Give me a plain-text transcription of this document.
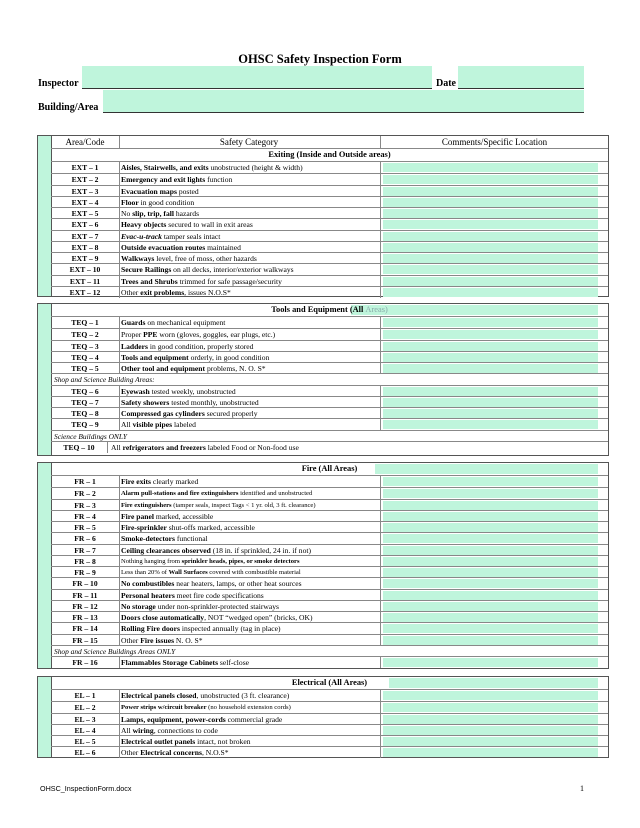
OHSC Safety Inspection Form
Inspector	Date
Building/Area
Area/Code	Safety Category	Comments/Specific Location
Exiting (Inside and Outside areas)
EXT – 1	Aisles, Stairwells, and exits unobstructed (height & width)
EXT – 2	Emergency and exit lights function
EXT – 3	Evacuation maps posted
EXT – 4	Floor in good condition
EXT – 5	No slip, trip, fall hazards
EXT – 6	Heavy objects secured to wall in exit areas
EXT – 7	Evac-u-track tamper seals intact
EXT – 8	Outside evacuation routes maintained
EXT – 9	Walkways level, free of moss, other hazards
EXT – 10	Secure Railings on all decks, interior/exterior walkways
EXT – 11	Trees and Shrubs trimmed for safe passage/security
EXT – 12	Other exit problems, issues N.O.S*
Tools and Equipment (All Areas)
TEQ – 1	Guards on mechanical equipment
TEQ – 2	Proper PPE worn (gloves, goggles, ear plugs, etc.)
TEQ – 3	Ladders in good condition, properly stored
TEQ – 4	Tools and equipment orderly, in good condition
TEQ – 5	Other tool and equipment problems, N. O. S*
Shop and Science Building Areas:
TEQ – 6	Eyewash tested weekly, unobstructed
TEQ – 7	Safety showers tested monthly, unobstructed
TEQ – 8	Compressed gas cylinders secured properly
TEQ – 9	All visible pipes labeled
Science Buildings ONLY
TEQ – 10	All refrigerators and freezers labeled Food or Non-food use
Fire (All Areas)
FR – 1	Fire exits clearly marked
FR – 2	Alarm pull-stations and fire extinguishers identified and unobstructed
FR – 3	Fire extinguishers (tamper seals, inspect Tags < 1 yr. old, 3 ft. clearance)
FR – 4	Fire panel marked, accessible
FR – 5	Fire-sprinkler shut-offs marked, accessible
FR – 6	Smoke-detectors functional
FR – 7	Ceiling clearances observed (18 in. if sprinkled, 24 in. if not)
FR – 8	Nothing hanging from sprinkler heads, pipes, or smoke detectors
FR – 9	Less than 20% of Wall Surfaces covered with combustible material
FR – 10	No combustibles near heaters, lamps, or other heat sources
FR – 11	Personal heaters meet fire code specifications
FR – 12	No storage under non-sprinkler-protected stairways
FR – 13	Doors close automatically, NOT “wedged open” (bricks, OK)
FR – 14	Rolling Fire doors inspected annually (tag in place)
FR – 15	Other Fire issues N. O. S*
Shop and Science Buildings Areas ONLY
FR – 16	Flammables Storage Cabinets self-close
Electrical (All Areas)
EL – 1	Electrical panels closed, unobstructed (3 ft. clearance)
EL – 2	Power strips w/circuit breaker (no household extension cords)
EL – 3	Lamps, equipment, power-cords commercial grade
EL – 4	All wiring, connections to code
EL – 5	Electrical outlet panels intact, not broken
EL – 6	Other Electrical concerns, N.O.S*
OHSC_InspectionForm.docx	1
